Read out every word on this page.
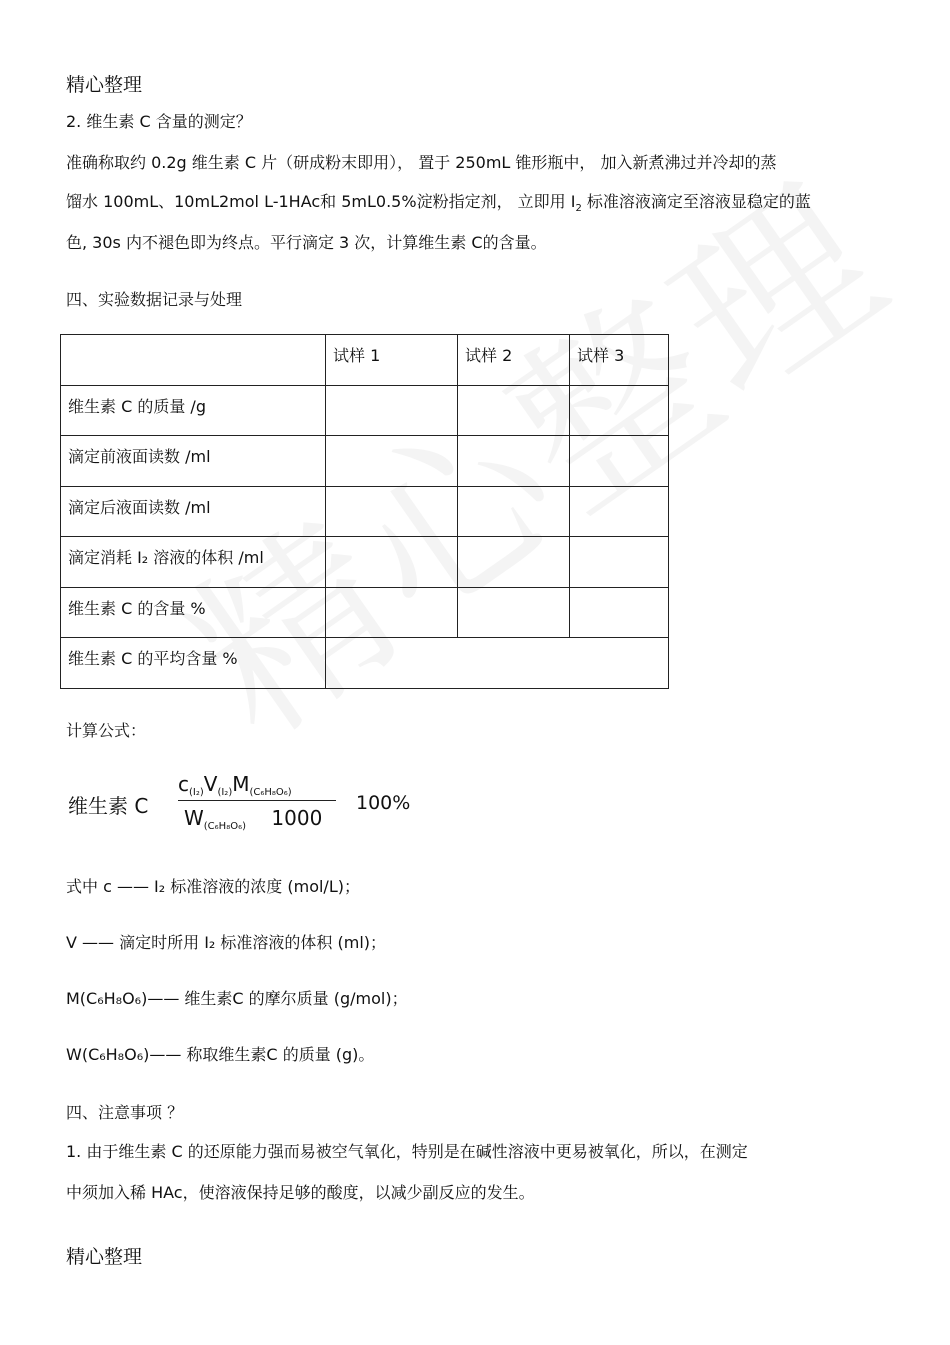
精心整理
2. 维生素 C 含量的测定？
准确称取约 0.2g 维生素 C 片（研成粉末即用）， 置于 250mL 锥形瓶中， 加入新煮沸过并冷却的蒸
馏水 100mL、10mL2mol L-1HAc和 5mL0.5%淀粉指定剂， 立即用 $I_2$ 标准溶液滴定至溶液显稳定的蓝
色, 30s 内不褪色即为终点。平行滴定 3 次，计算维生素 C的含量。
四、实验数据记录与处理
	试样 1	试样 2	试样 3
维生素 C 的质量 /g			
滴定前液面读数 /ml			
滴定后液面读数 /ml			
滴定消耗 I₂ 溶液的体积 /ml			
维生素 C 的含量 %			
维生素 C 的平均含量 %			
计算公式：
维生素 C
$c_{(I_2)}V_{(I_2)}M_{(C_6H_8O_6)}$
$W_{(C_6H_8O_6)}$ 1000
100%
式中 c —— I₂ 标准溶液的浓度 (mol/L)；
V —— 滴定时所用 I₂ 标准溶液的体积 (ml)；
M(C₆H₈O₆)—— 维生素C 的摩尔质量 (g/mol)；
W(C₆H₈O₆)—— 称取维生素C 的质量 (g)。
四、注意事项 ？
1. 由于维生素 C 的还原能力强而易被空气氧化，特别是在碱性溶液中更易被氧化，所以，在测定
中须加入稀 HAc，使溶液保持足够的酸度，以减少副反应的发生。
精心整理
